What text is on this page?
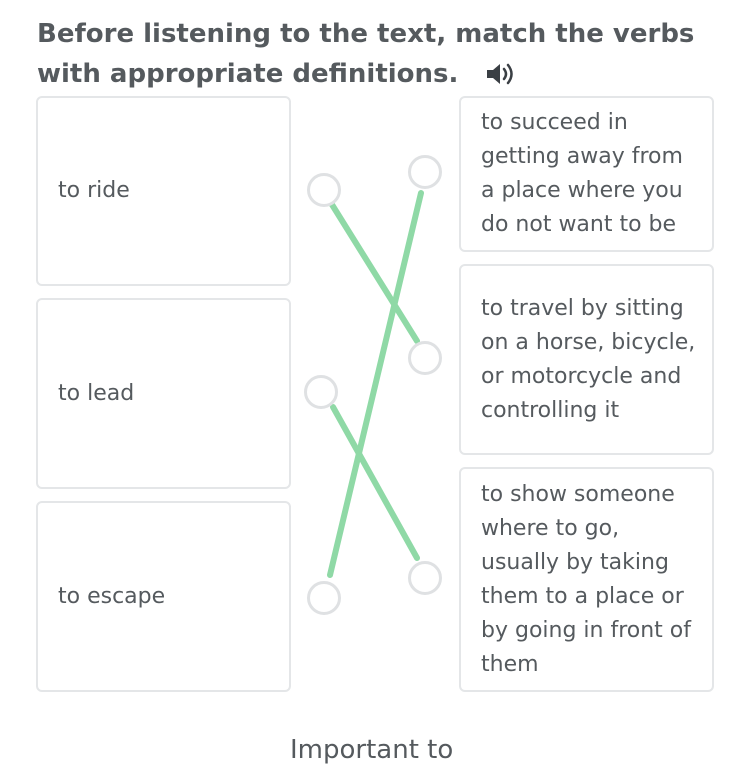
Before listening to the text, match the verbs with appropriate definitions.
to ride
to lead
to escape
to succeed in getting away from a place where you do not want to be
to travel by sitting on a horse, bicycle, or motorcycle and controlling it
to show someone where to go, usually by taking them to a place or by going in front of them
Important to
